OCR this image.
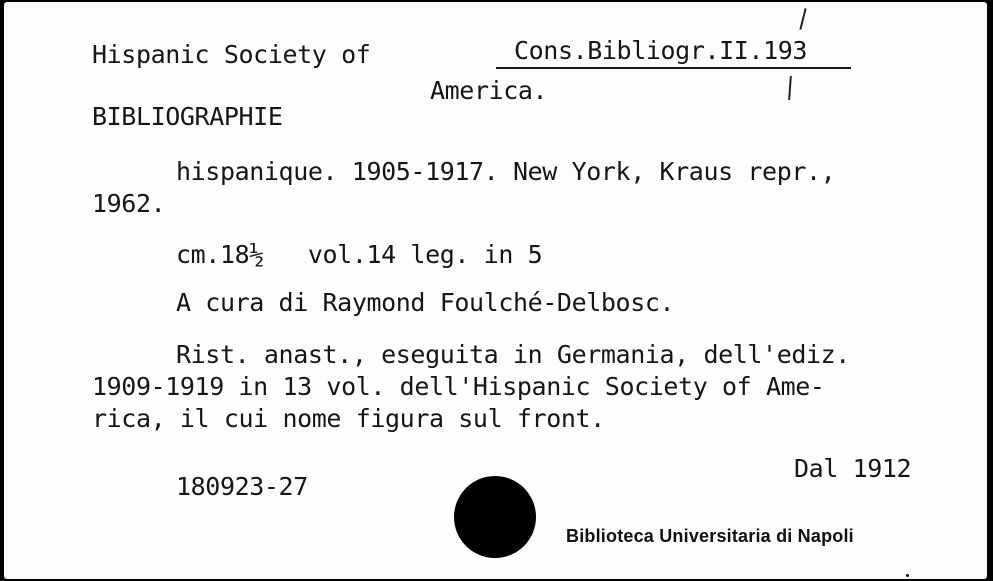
Hispanic Society of	Cons.Bibliogr.II.193
America.
BIBLIOGRAPHIE
hispanique. 1905-1917. New York, Kraus repr.,
1962.
cm.18½   vol.14 leg. in 5
A cura di Raymond Foulché-Delbosc.
Rist. anast., eseguita in Germania, dell'ediz.
1909-1919 in 13 vol. dell'Hispanic Society of Ame-
rica, il cui nome figura sul front.
Dal 1912
180923-27
Biblioteca Universitaria di Napoli
